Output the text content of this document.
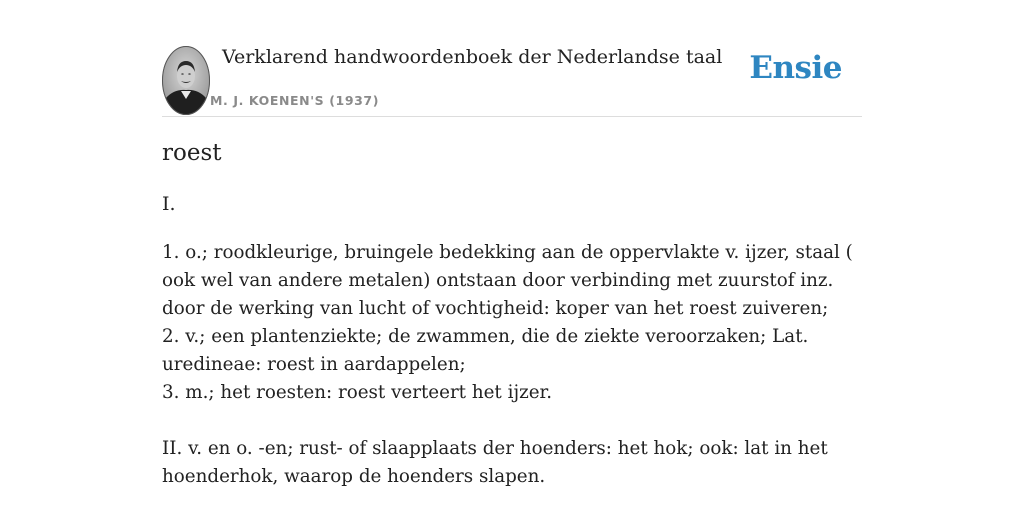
Verklarend handwoordenboek der Nederlandse taal
M. J. KOENEN'S (1937)
Ensie
roest
I.

1. o.; roodkleurige, bruingele bedekking aan de oppervlakte v. ijzer, staal ( ook wel van andere metalen) ontstaan door verbinding met zuurstof inz. door de werking van lucht of vochtigheid: koper van het roest zuiveren;

2. v.; een plantenziekte; de zwammen, die de ziekte veroorzaken; Lat. uredineae: roest in aardappelen;

3. m.; het roesten: roest verteert het ijzer.

II. v. en o. -en; rust- of slaapplaats der hoenders: het hok; ook: lat in het hoenderhok, waarop de hoenders slapen.
